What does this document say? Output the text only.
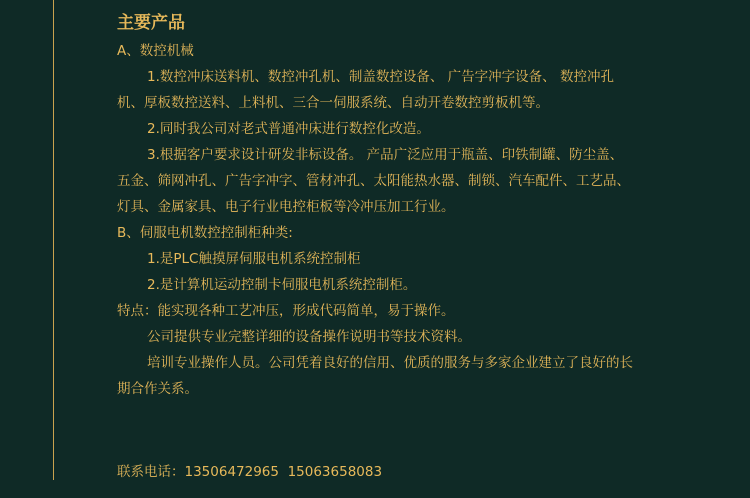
主要产品

A、数控机械

1.数控冲床送料机、数控冲孔机、制盖数控设备、 广告字冲字设备、 数控冲孔机、厚板数控送料、上料机、三合一伺服系统、自动开卷数控剪板机等。

2.同时我公司对老式普通冲床进行数控化改造。

3.根据客户要求设计研发非标设备。 产品广泛应用于瓶盖、印铁制罐、防尘盖、五金、筛网冲孔、广告字冲字、管材冲孔、太阳能热水器、制锁、汽车配件、工艺品、灯具、金属家具、电子行业电控柜板等冷冲压加工行业。

B、伺服电机数控控制柜种类:

1.是PLC触摸屏伺服电机系统控制柜

2.是计算机运动控制卡伺服电机系统控制柜。

特点：能实现各种工艺冲压，形成代码简单，易于操作。

公司提供专业完整详细的设备操作说明书等技术资料。

培训专业操作人员。公司凭着良好的信用、优质的服务与多家企业建立了良好的长期合作关系。

联系电话：13506472965 15063658083
